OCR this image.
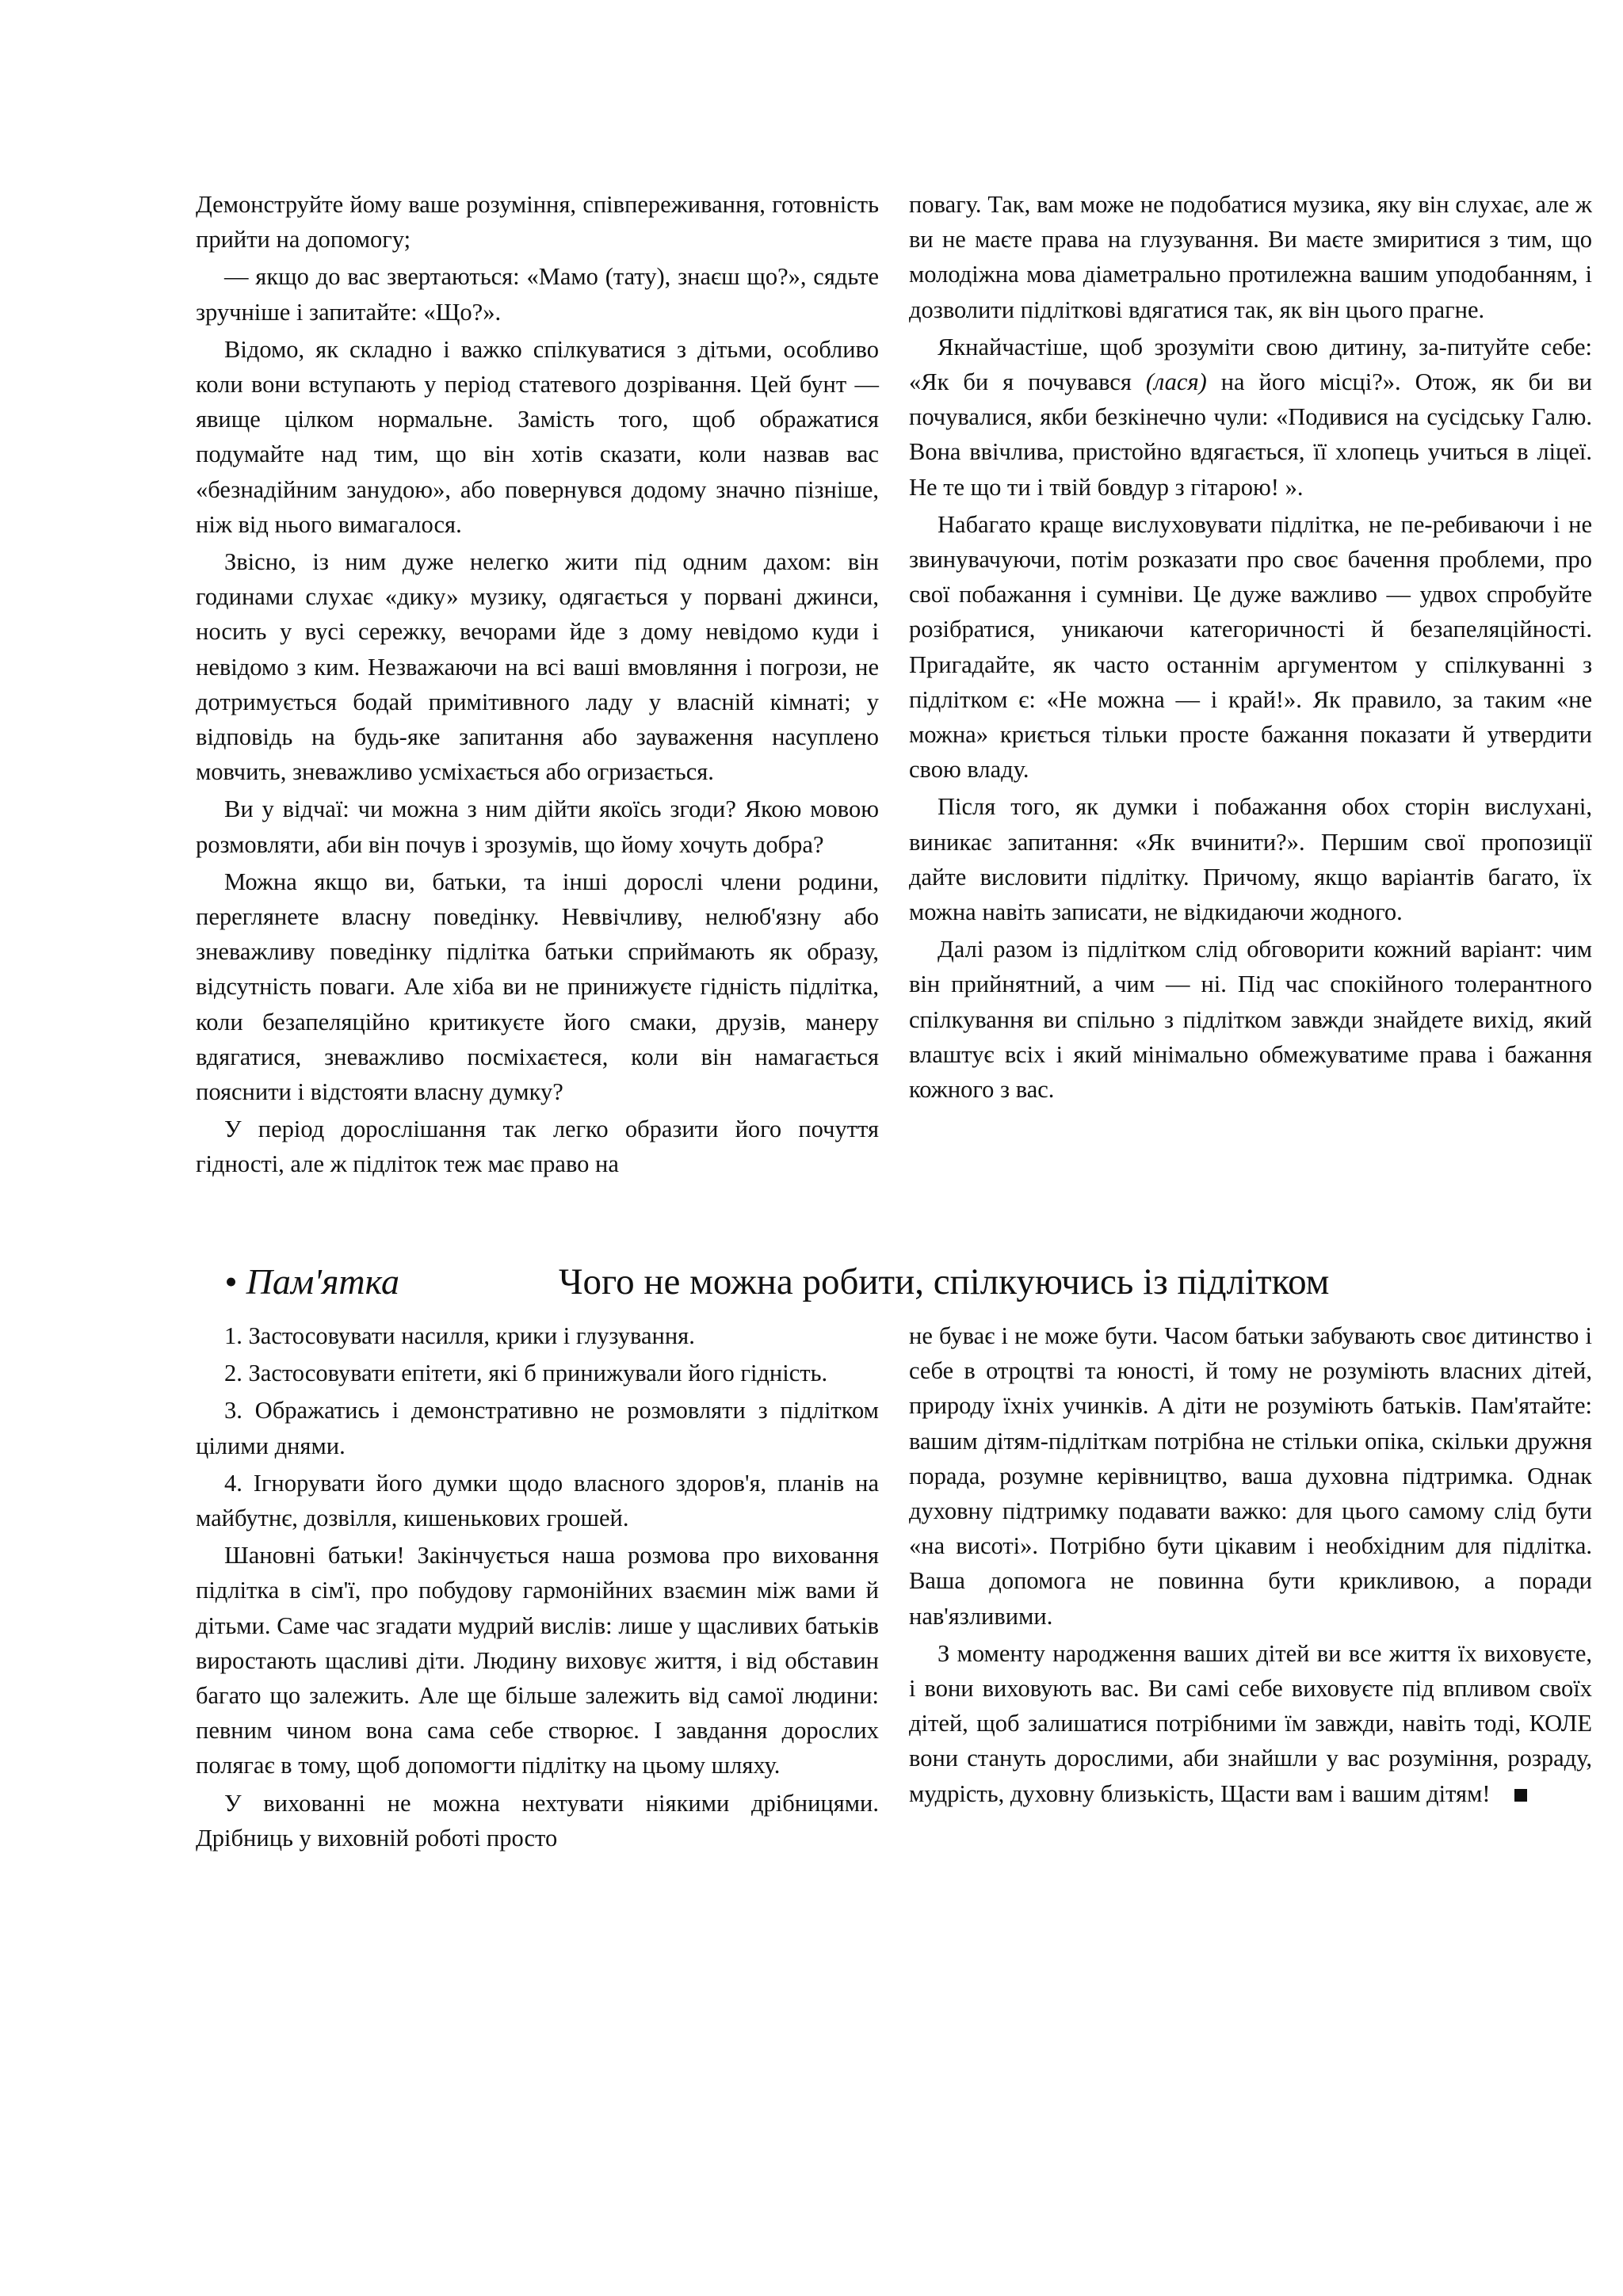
Демонструйте йому ваше розуміння, співпереживання, готовність прийти на допомогу;

— якщо до вас звертаються: «Мамо (тату), знаєш що?», сядьте зручніше і запитайте: «Що?».

Відомо, як складно і важко спілкуватися з дітьми, особливо коли вони вступають у період статевого дозрівання. Цей бунт — явище цілком нормальне. Замість того, щоб ображатися подумайте над тим, що він хотів сказати, коли назвав вас «безнадійним занудою», або повернувся додому значно пізніше, ніж від нього вимагалося.

Звісно, із ним дуже нелегко жити під одним дахом: він годинами слухає «дику» музику, одягається у порвані джинси, носить у вусі сережку, вечорами йде з дому невідомо куди і невідомо з ким. Незважаючи на всі ваші вмовляння і погрози, не дотримується бодай примітивного ладу у власній кімнаті; у відповідь на будь-яке запитання або зауваження насуплено мовчить, зневажливо усміхається або огризається.

Ви у відчаї: чи можна з ним дійти якоїсь згоди? Якою мовою розмовляти, аби він почув і зрозумів, що йому хочуть добра?

Можна якщо ви, батьки, та інші дорослі члени родини, переглянете власну поведінку. Неввічливу, нелюб'язну або зневажливу поведінку підлітка батьки сприймають як образу, відсутність поваги. Але хіба ви не принижуєте гідність підлітка, коли безапеляційно критикуєте його смаки, друзів, манеру вдягатися, зневажливо посміхаєтеся, коли він намагається пояснити і відстояти власну думку?

У період дорослішання так легко образити його почуття гідності, але ж підліток теж має право на

повагу. Так, вам може не подобатися музика, яку він слухає, але ж ви не маєте права на глузування. Ви маєте змиритися з тим, що молодіжна мова діаметрально протилежна вашим уподобанням, і дозволити підліткові вдягатися так, як він цього прагне.

Якнайчастіше, щоб зрозуміти свою дитину, за-питуйте себе: «Як би я почувався (лася) на його місці?». Отож, як би ви почувалися, якби безкінечно чули: «Подивися на сусідську Галю. Вона ввічлива, пристойно вдягається, її хлопець учиться в ліцеї. Не те що ти і твій бовдур з гітарою! ».

Набагато краще вислуховувати підлітка, не пе-ребиваючи і не звинувачуючи, потім розказати про своє бачення проблеми, про свої побажання і сумніви. Це дуже важливо — удвох спробуйте розібратися, уникаючи категоричності й безапеляційності. Пригадайте, як часто останнім аргументом у спілкуванні з підлітком є: «Не можна — і край!». Як правило, за таким «не можна» криється тільки просте бажання показати й утвердити свою владу.

Після того, як думки і побажання обох сторін вислухані, виникає запитання: «Як вчинити?». Першим свої пропозиції дайте висловити підлітку. Причому, якщо варіантів багато, їх можна навіть записати, не відкидаючи жодного.

Далі разом із підлітком слід обговорити кожний варіант: чим він прийнятний, а чим — ні. Під час спокійного толерантного спілкування ви спільно з підлітком завжди знайдете вихід, який влаштує всіх і який мінімально обмежуватиме права і бажання кожного з вас.

• Пам'ятка	Чого не можна робити, спілкуючись із підлітком

1. Застосовувати насилля, крики і глузування.

2. Застосовувати епітети, які б принижували його гідність.

3. Ображатись і демонстративно не розмовляти з підлітком цілими днями.

4. Ігнорувати його думки щодо власного здоров'я, планів на майбутнє, дозвілля, кишенькових грошей.

Шановні батьки! Закінчується наша розмова про виховання підлітка в сім'ї, про побудову гармонійних взаємин між вами й дітьми. Саме час згадати мудрий вислів: лише у щасливих батьків виростають щасливі діти. Людину виховує життя, і від обставин багато що залежить. Але ще більше залежить від самої людини: певним чином вона сама себе створює. І завдання дорослих полягає в тому, щоб допомогти підлітку на цьому шляху.

У вихованні не можна нехтувати ніякими дрібницями. Дрібниць у виховній роботі просто

не буває і не може бути. Часом батьки забувають своє дитинство і себе в отроцтві та юності, й тому не розуміють власних дітей, природу їхніх учинків. А діти не розуміють батьків. Пам'ятайте: вашим дітям-підліткам потрібна не стільки опіка, скільки дружня порада, розумне керівництво, ваша духовна підтримка. Однак духовну підтримку подавати важко: для цього самому слід бути «на висоті». Потрібно бути цікавим і необхідним для підлітка. Ваша допомога не повинна бути крикливою, а поради нав'язливими.

З моменту народження ваших дітей ви все життя їх виховуєте, і вони виховують вас. Ви самі себе виховуєте під впливом своїх дітей, щоб залишатися потрібними їм завжди, навіть тоді, КОЛЕ вони стануть дорослими, аби знайшли у вас розуміння, розраду, мудрість, духовну близькість, Щасти вам і вашим дітям!
